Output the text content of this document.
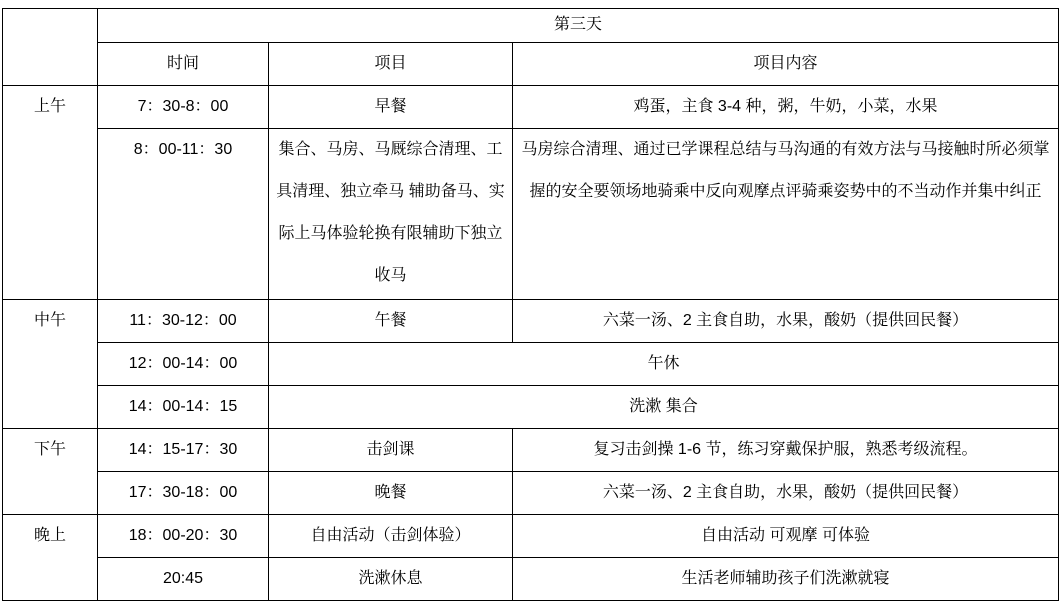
	第三天		
	时间	项目	项目内容
上午	7：30-8：00	早餐	鸡蛋，主食 3-4 种，粥，牛奶，小菜，水果
	8：00-11：30	集合、马房、马厩综合清理、工具清理、独立牵马 辅助备马、实际上马体验轮换有限辅助下独立收马	马房综合清理、通过已学课程总结与马沟通的有效方法与马接触时所必须掌握的安全要领场地骑乘中反向观摩点评骑乘姿势中的不当动作并集中纠正
中午	11：30-12：00	午餐	六菜一汤、2 主食自助，水果，酸奶（提供回民餐）
	12：00-14：00	午休	
	14：00-14：15	洗漱 集合	
下午	14：15-17：30	击剑课	复习击剑操 1-6 节，练习穿戴保护服，熟悉考级流程。
	17：30-18：00	晚餐	六菜一汤、2 主食自助，水果，酸奶（提供回民餐）
晚上	18：00-20：30	自由活动（击剑体验）	自由活动 可观摩 可体验
	20:45	洗漱休息	生活老师辅助孩子们洗漱就寝
